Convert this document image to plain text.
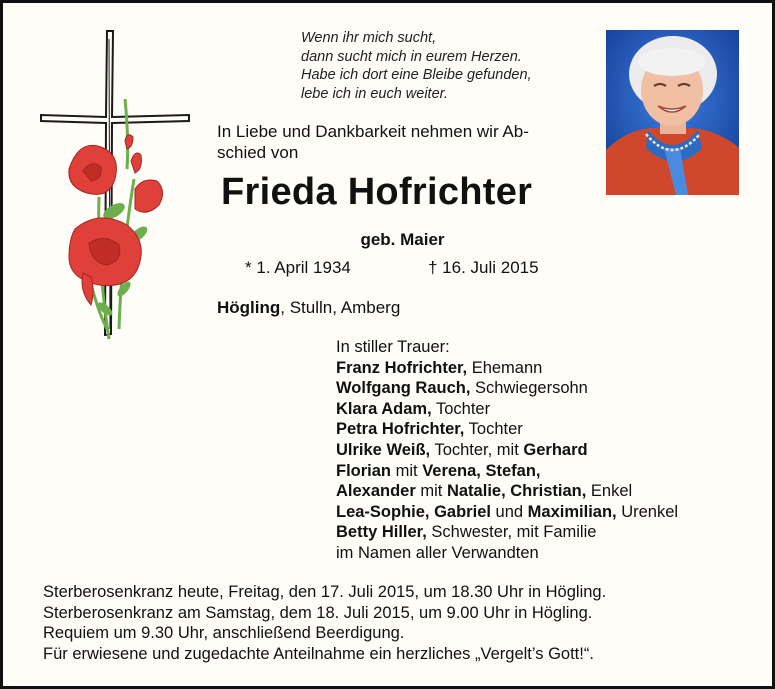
Wenn ihr mich sucht,
dann sucht mich in eurem Herzen.
Habe ich dort eine Bleibe gefunden,
lebe ich in euch weiter.
In Liebe und Dankbarkeit nehmen wir Ab-
schied von
Frieda Hofrichter
geb. Maier
* 1. April 1934	† 16. Juli 2015
Högling, Stulln, Amberg
In stiller Trauer:
Franz Hofrichter, Ehemann
Wolfgang Rauch, Schwiegersohn
Klara Adam, Tochter
Petra Hofrichter, Tochter
Ulrike Weiß, Tochter, mit Gerhard
Florian mit Verena, Stefan,
Alexander mit Natalie, Christian, Enkel
Lea-Sophie, Gabriel und Maximilian, Urenkel
Betty Hiller, Schwester, mit Familie
im Namen aller Verwandten
Sterberosenkranz heute, Freitag, den 17. Juli 2015, um 18.30 Uhr in Högling.
Sterberosenkranz am Samstag, dem 18. Juli 2015, um 9.00 Uhr in Högling.
Requiem um 9.30 Uhr, anschließend Beerdigung.
Für erwiesene und zugedachte Anteilnahme ein herzliches „Vergelt’s Gott!“.
